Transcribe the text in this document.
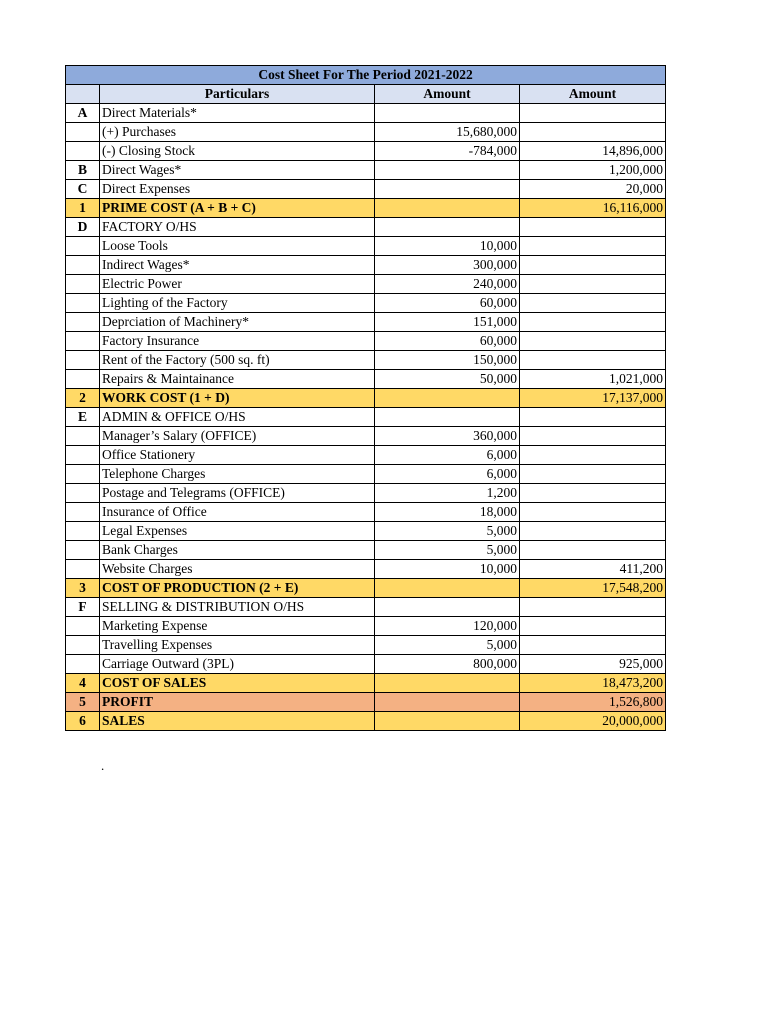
Cost Sheet For The Period 2021-2022			
	Particulars	Amount	Amount
A	Direct Materials*		
	(+) Purchases	15,680,000	
	(-) Closing Stock	-784,000	14,896,000
B	Direct Wages*		1,200,000
C	Direct Expenses		20,000
1	PRIME COST (A + B + C)		16,116,000
D	FACTORY O/HS		
	Loose Tools	10,000	
	Indirect Wages*	300,000	
	Electric Power	240,000	
	Lighting of the Factory	60,000	
	Deprciation of Machinery*	151,000	
	Factory Insurance	60,000	
	Rent of the Factory (500 sq. ft)	150,000	
	Repairs & Maintainance	50,000	1,021,000
2	WORK COST (1 + D)		17,137,000
E	ADMIN & OFFICE O/HS		
	Manager’s Salary (OFFICE)	360,000	
	Office Stationery	6,000	
	Telephone Charges	6,000	
	Postage and Telegrams (OFFICE)	1,200	
	Insurance of Office	18,000	
	Legal Expenses	5,000	
	Bank Charges	5,000	
	Website Charges	10,000	411,200
3	COST OF PRODUCTION (2 + E)		17,548,200
F	SELLING & DISTRIBUTION O/HS		
	Marketing Expense	120,000	
	Travelling Expenses	5,000	
	Carriage Outward (3PL)	800,000	925,000
4	COST OF SALES		18,473,200
5	PROFIT		1,526,800
6	SALES		20,000,000
.
